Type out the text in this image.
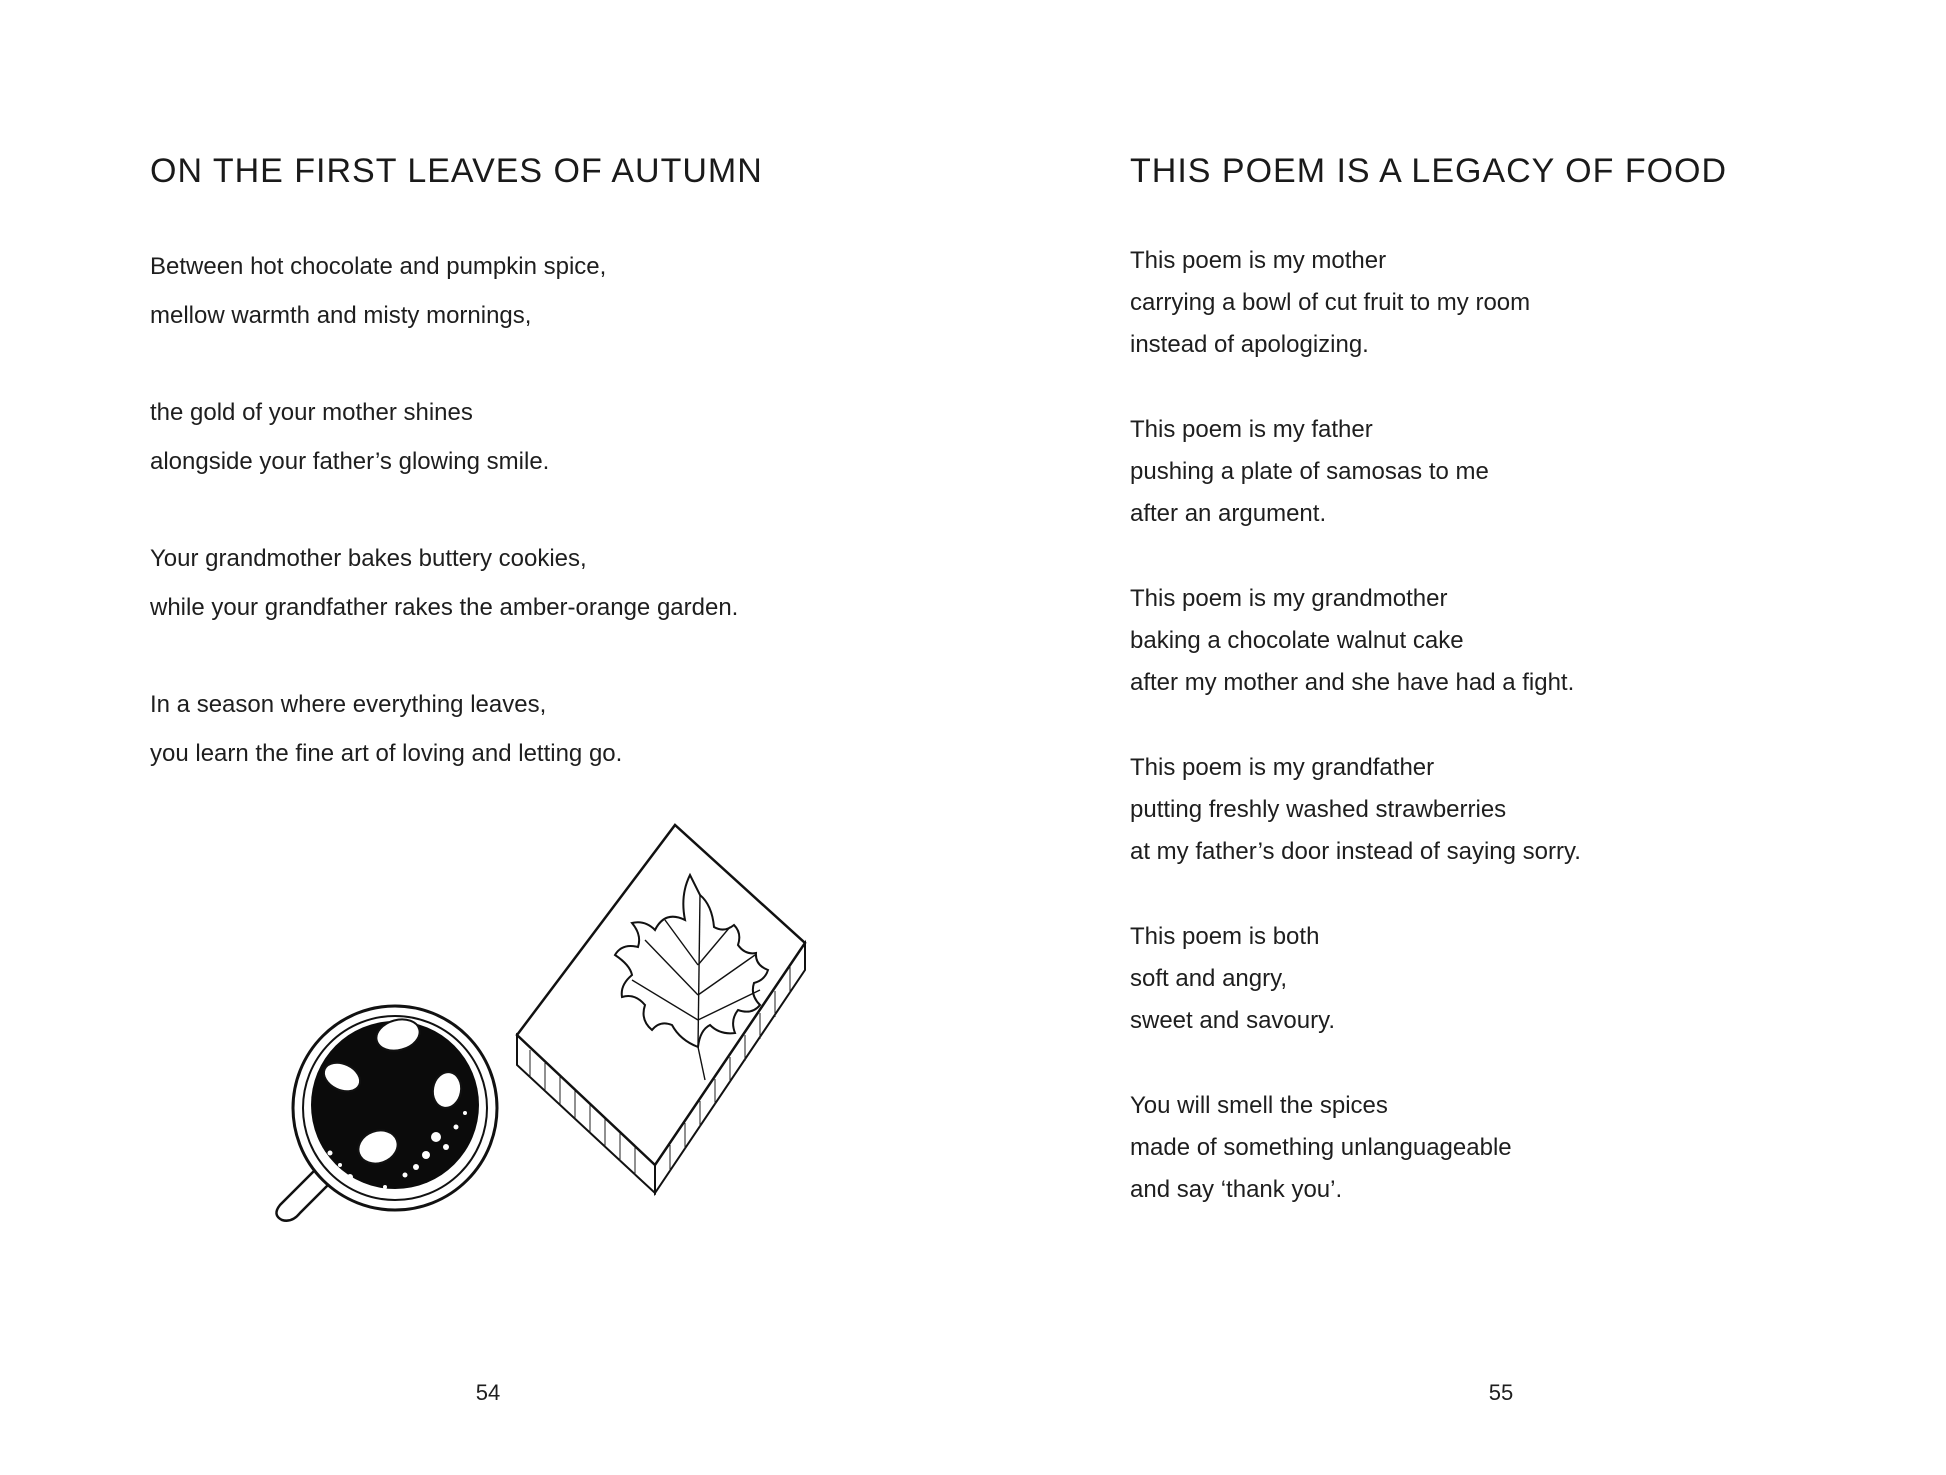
ON THE FIRST LEAVES OF AUTUMN

Between hot chocolate and pumpkin spice,

mellow warmth and misty mornings,

the gold of your mother shines

alongside your father’s glowing smile.

Your grandmother bakes buttery cookies,

while your grandfather rakes the amber-orange garden.

In a season where everything leaves,

you learn the fine art of loving and letting go.

54

THIS POEM IS A LEGACY OF FOOD

This poem is my mother

carrying a bowl of cut fruit to my room

instead of apologizing.

This poem is my father

pushing a plate of samosas to me

after an argument.

This poem is my grandmother

baking a chocolate walnut cake

after my mother and she have had a fight.

This poem is my grandfather

putting freshly washed strawberries

at my father’s door instead of saying sorry.

This poem is both

soft and angry,

sweet and savoury.

You will smell the spices

made of something unlanguageable

and say ‘thank you’.

55
